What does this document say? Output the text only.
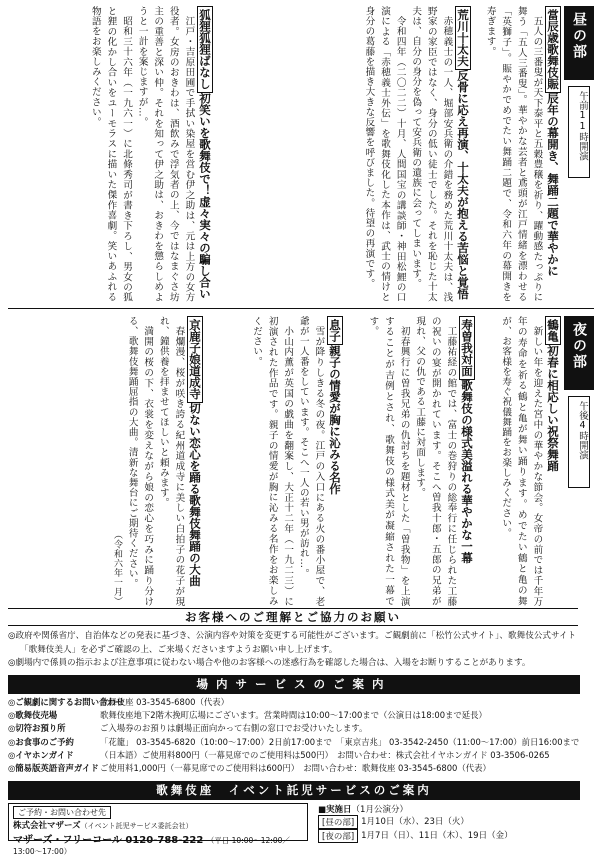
昼の部
午前11時開演
當辰歳歌舞伎賑辰年の幕開き、舞踊二題で華やかに

五人の三番叟が天下泰平と五穀豊穣を祈り、躍動感たっぷりに舞う「五人三番叟」。華やかな芸者と鳶頭が江戸情緒を漂わせる「英獅子」。賑やかでめでたい舞踊二題で、令和六年の幕開きを寿ぎます。

荒川十太夫反骨に応え再演、十太夫が抱える苦悩と覚悟

赤穂義士の一人、堀部安兵衛の介錯を務めた荒川十太夫は、浅野家の家臣ではなく、身分の低い徒士でした。それを恥じた十太夫は、自分の身分を偽って安兵衛の遺族に会ってしまいます。

令和四年（二〇二二）十月、人間国宝の講談師・神田松鯉の口演による「赤穂義士外伝」を歌舞伎化した本作は、武士の情けと身分の葛藤を描き大きな反響を呼びました。待望の再演です。

狐狸狐狸ばなし初笑いを歌舞伎で！虚々実々の騙し合い

江戸・吉原田圃で手拭い染屋を営む伊之助は、元は上方の女方役者。女房のおきわは、酒飲みで浮気者の上、今ではなまぐさ坊主の重善と深い仲。それを知って伊之助は、おきわを懲らしめようと一計を案じますが…。

昭和三十六年（一九六一）に北條秀司が書き下ろし、男女の狐と狸の化かし合いをユーモラスに描いた傑作喜劇。笑いあふれる物語をお楽しみください。

夜の部
午後4時開演
鶴亀初春に相応しい祝祭舞踊

新しい年を迎えた宮中の華やかな節会。女帝の前では千年万年の寿命を祈る鶴と亀が舞い踊ります。めでたい鶴と亀の舞が、お客様を寿ぐ祝儀舞踊をお楽しみください。

寿曽我対面歌舞伎の様式美溢れる華やかな一幕

工藤祐経の館では、富士の巻狩りの総奉行に任じられた工藤の祝いの宴が開かれています。そこへ曽我十郎・五郎の兄弟が現れ、父の仇である工藤に対面します。

初春興行に曽我兄弟の仇討ちを題材とした「曽我物」を上演することが吉例とされ、歌舞伎の様式美が凝縮された一幕です。

息子親子の情愛が胸に沁みる名作

雪が降りしきる冬の夜。江戸の入口にある火の番小屋で、老爺が一人番をしています。そこへ一人の若い男が訪れ…。

小山内薫が英国の戯曲を翻案し、大正十二年（一九二三）に初演された作品です。親子の情愛が胸に沁みる名作をお楽しみください。

京鹿子娘道成寺切ない恋心を踊る歌舞伎舞踊の大曲

春爛漫、桜が咲き誇る紀州道成寺に美しい白拍子の花子が現れ、鐘供養を拝ませてほしいと頼みます。

満開の桜の下、衣裳を変えながら娘の恋心を巧みに踊り分ける、歌舞伎舞踊屈指の大曲。清新な舞台にご期待ください。

（令和六年一月）
お客様へのご理解とご協力のお願い
◎政府や関係省庁、自治体などの発表に基づき、公演内容や対策を変更する可能性がございます。ご観劇前に「松竹公式サイト」、歌舞伎公式サイト「歌舞伎美人」を必ずご確認の上、ご来場くださいますようお願い申し上げます。
◎劇場内で係員の指示および注意事項に従わない場合や他のお客様への迷惑行為を確認した場合は、入場をお断りすることがあります。
場内サービスのご案内
◎ご観劇に関するお問い合わせ
歌舞伎座 03-3545-6800（代表）
◎歌舞伎売場	歌舞伎座地下2階木挽町広場にございます。営業時間は10:00〜17:00まで（公演日は18:00まで延長）
◎切符お預り所	ご入場券のお預りは劇場正面向かって右側の窓口でお受けいたします。
◎お食事のご予約	「花籠」 03-3545-6820（10:00〜17:00）2日前17:00まで　「東京吉兆」 03-3542-2450（11:00〜17:00）前日16:00まで
◎イヤホンガイド	（日本語）ご使用料800円（一幕見席でのご使用料は500円）　お問い合わせ：株式会社イヤホンガイド 03-3506-0265
◎簡易版英語音声ガイド ご使用料1,000円（一幕見席でのご使用料は600円）　お問い合わせ：歌舞伎座 03-3545-6800（代表）
歌舞伎座　イベント託児サービスのご案内
ご予約・お問い合わせ先
株式会社マザーズ（イベント託児サービス委託会社）
マザーズ・フリーコール 0120-788-222 （平日 10:00〜12:00／13:00〜17:00）
■実施日（1月公演分）
[昼の部] 1月10日（水）、23日（火）
[夜の部] 1月7日（日）、11日（木）、19日（金）
